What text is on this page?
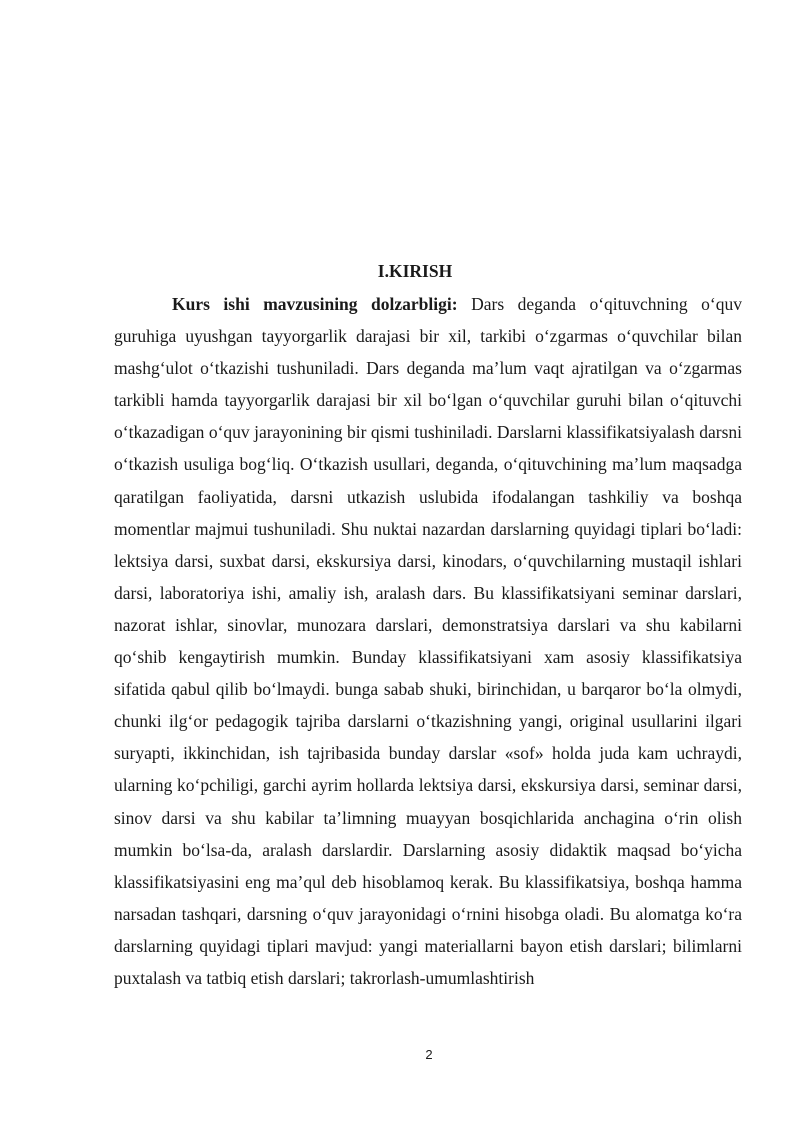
I.KIRISH

Kurs ishi mavzusining dolzarbligi: Dars deganda o‘qituvchning o‘quv guruhiga uyushgan tayyorgarlik darajasi bir xil, tarkibi o‘zgarmas o‘quvchilar bilan mashg‘ulot o‘tkazishi tushuniladi. Dars deganda ma’lum vaqt ajratilgan va o‘zgarmas tarkibli hamda tayyorgarlik darajasi bir xil bo‘lgan o‘quvchilar guruhi bilan o‘qituvchi o‘tkazadigan o‘quv jarayonining bir qismi tushiniladi. Darslarni klassifikatsiyalash darsni o‘tkazish usuliga bog‘liq. O‘tkazish usullari, deganda, o‘qituvchining ma’lum maqsadga qaratilgan faoliyatida, darsni utkazish uslubida ifodalangan tashkiliy va boshqa momentlar majmui tushuniladi. Shu nuktai nazardan darslarning quyidagi tiplari bo‘ladi: lektsiya darsi, suxbat darsi, ekskursiya darsi, kinodars, o‘quvchilarning mustaqil ishlari darsi, laboratoriya ishi, amaliy ish, aralash dars. Bu klassifikatsiyani seminar darslari, nazorat ishlar, sinovlar, munozara darslari, demonstratsiya darslari va shu kabilarni qo‘shib kengaytirish mumkin. Bunday klassifikatsiyani xam asosiy klassifikatsiya sifatida qabul qilib bo‘lmaydi. bunga sabab shuki, birinchidan, u barqaror bo‘la olmydi, chunki ilg‘or pedagogik tajriba darslarni o‘tkazishning yangi, original usullarini ilgari suryapti, ikkinchidan, ish tajribasida bunday darslar «sof» holda juda kam uchraydi, ularning ko‘pchiligi, garchi ayrim hollarda lektsiya darsi, ekskursiya darsi, seminar darsi, sinov darsi va shu kabilar ta’limning muayyan bosqichlarida anchagina o‘rin olish mumkin bo‘lsa-da, aralash darslardir. Darslarning asosiy didaktik maqsad bo‘yicha klassifikatsiyasini eng ma’qul deb hisoblamoq kerak. Bu klassifikatsiya, boshqa hamma narsadan tashqari, darsning o‘quv jarayonidagi o‘rnini hisobga oladi. Bu alomatga ko‘ra darslarning quyidagi tiplari mavjud: yangi materiallarni bayon etish darslari; bilimlarni puxtalash va tatbiq etish darslari; takrorlash-umumlashtirish

2
